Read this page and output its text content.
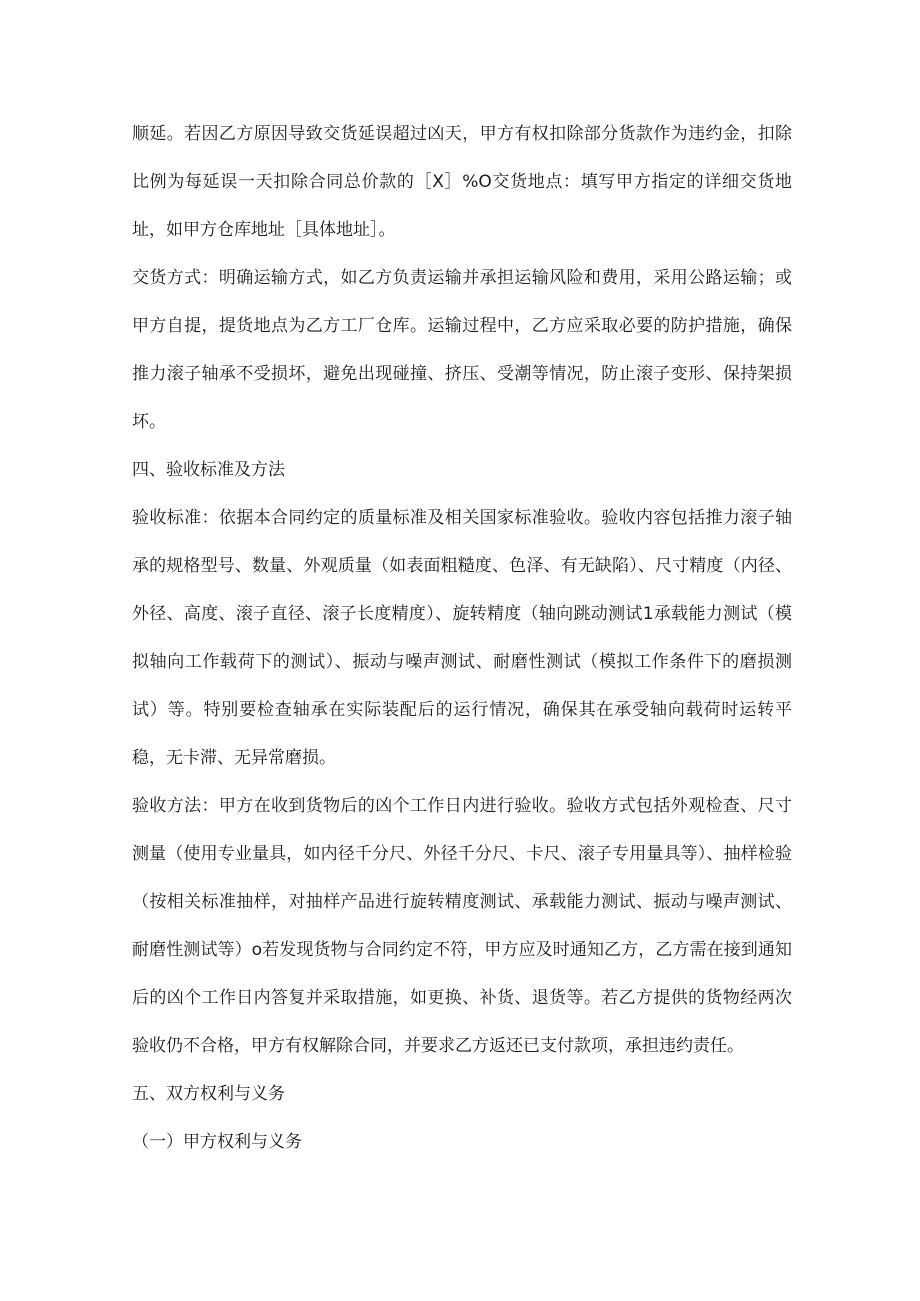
顺延。若因乙方原因导致交货延误超过凶天，甲方有权扣除部分货款作为违约金，扣除比例为每延误一天扣除合同总价款的［X］%O交货地点：填写甲方指定的详细交货地址，如甲方仓库地址［具体地址］。

交货方式：明确运输方式，如乙方负责运输并承担运输风险和费用，采用公路运输；或甲方自提，提货地点为乙方工厂仓库。运输过程中，乙方应采取必要的防护措施，确保推力滚子轴承不受损坏，避免出现碰撞、挤压、受潮等情况，防止滚子变形、保持架损坏。

四、验收标准及方法

验收标准：依据本合同约定的质量标准及相关国家标准验收。验收内容包括推力滚子轴承的规格型号、数量、外观质量（如表面粗糙度、色泽、有无缺陷）、尺寸精度（内径、外径、高度、滚子直径、滚子长度精度）、旋转精度（轴向跳动测试1承载能力测试（模拟轴向工作载荷下的测试）、振动与噪声测试、耐磨性测试（模拟工作条件下的磨损测试）等。特别要检查轴承在实际装配后的运行情况，确保其在承受轴向载荷时运转平稳，无卡滞、无异常磨损。

验收方法：甲方在收到货物后的凶个工作日内进行验收。验收方式包括外观检查、尺寸测量（使用专业量具，如内径千分尺、外径千分尺、卡尺、滚子专用量具等）、抽样检验（按相关标准抽样，对抽样产品进行旋转精度测试、承载能力测试、振动与噪声测试、耐磨性测试等）o若发现货物与合同约定不符，甲方应及时通知乙方，乙方需在接到通知后的凶个工作日内答复并采取措施，如更换、补货、退货等。若乙方提供的货物经两次验收仍不合格，甲方有权解除合同，并要求乙方返还已支付款项，承担违约责任。

五、双方权利与义务

（一）甲方权利与义务
